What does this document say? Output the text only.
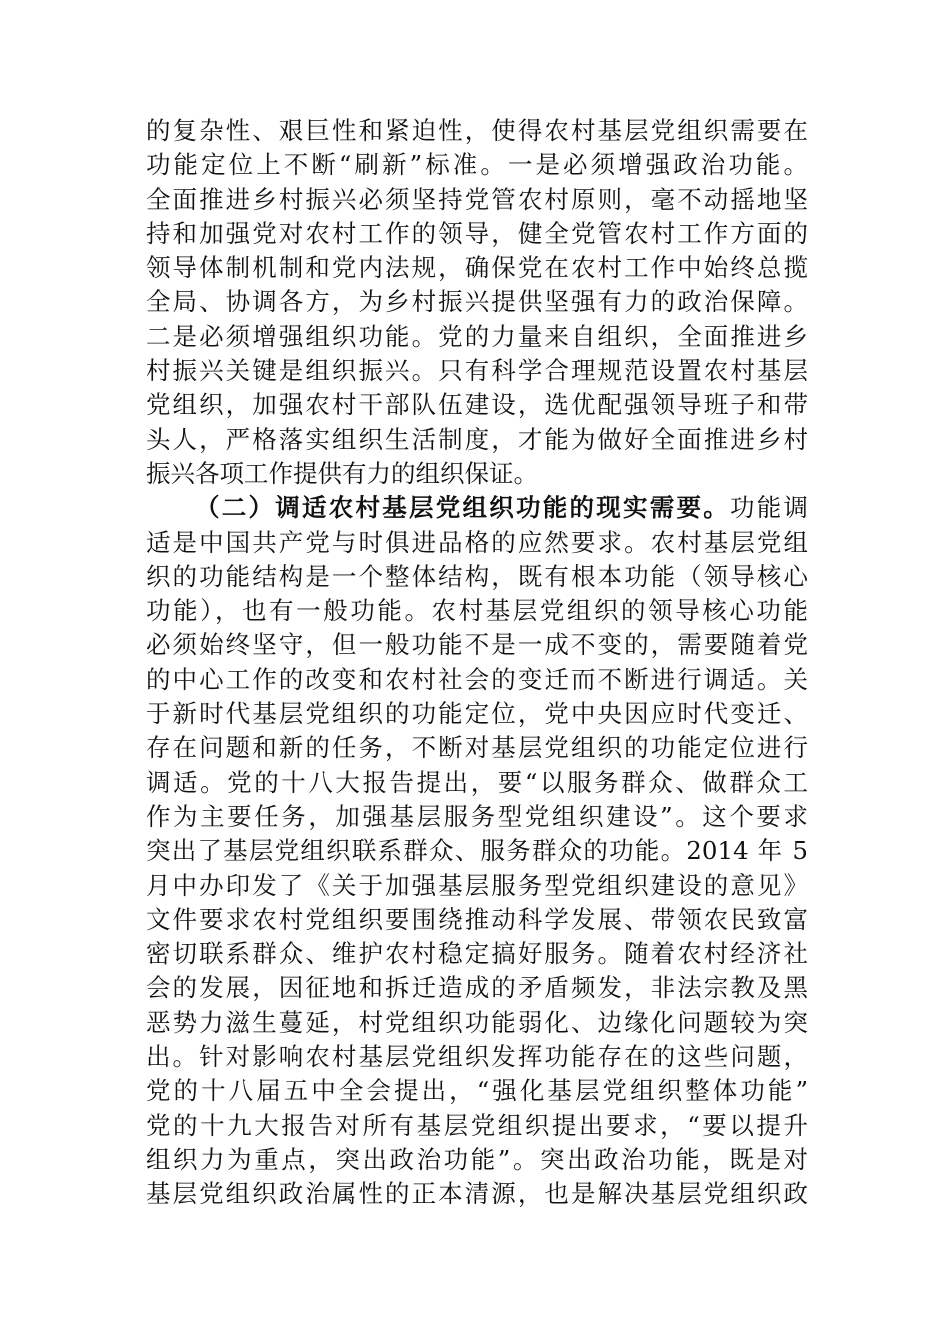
的复杂性、艰巨性和紧迫性，使得农村基层党组织需要在
功能定位上不断“刷新”标准。一是必须增强政治功能。
全面推进乡村振兴必须坚持党管农村原则，毫不动摇地坚
持和加强党对农村工作的领导，健全党管农村工作方面的
领导体制机制和党内法规，确保党在农村工作中始终总揽
全局、协调各方，为乡村振兴提供坚强有力的政治保障。
二是必须增强组织功能。党的力量来自组织，全面推进乡
村振兴关键是组织振兴。只有科学合理规范设置农村基层
党组织，加强农村干部队伍建设，选优配强领导班子和带
头人，严格落实组织生活制度，才能为做好全面推进乡村
振兴各项工作提供有力的组织保证。
（二）调适农村基层党组织功能的现实需要。功能调
适是中国共产党与时俱进品格的应然要求。农村基层党组
织的功能结构是一个整体结构，既有根本功能（领导核心
功能），也有一般功能。农村基层党组织的领导核心功能
必须始终坚守，但一般功能不是一成不变的，需要随着党
的中心工作的改变和农村社会的变迁而不断进行调适。关
于新时代基层党组织的功能定位，党中央因应时代变迁、
存在问题和新的任务，不断对基层党组织的功能定位进行
调适。党的十八大报告提出，要“以服务群众、做群众工
作为主要任务，加强基层服务型党组织建设”。这个要求
突出了基层党组织联系群众、服务群众的功能。2014 年 5
月中办印发了《关于加强基层服务型党组织建设的意见》
文件要求农村党组织要围绕推动科学发展、带领农民致富
密切联系群众、维护农村稳定搞好服务。随着农村经济社
会的发展，因征地和拆迁造成的矛盾频发，非法宗教及黑
恶势力滋生蔓延，村党组织功能弱化、边缘化问题较为突
出。针对影响农村基层党组织发挥功能存在的这些问题，
党的十八届五中全会提出，“强化基层党组织整体功能”
党的十九大报告对所有基层党组织提出要求，“要以提升
组织力为重点，突出政治功能”。突出政治功能，既是对
基层党组织政治属性的正本清源，也是解决基层党组织政
